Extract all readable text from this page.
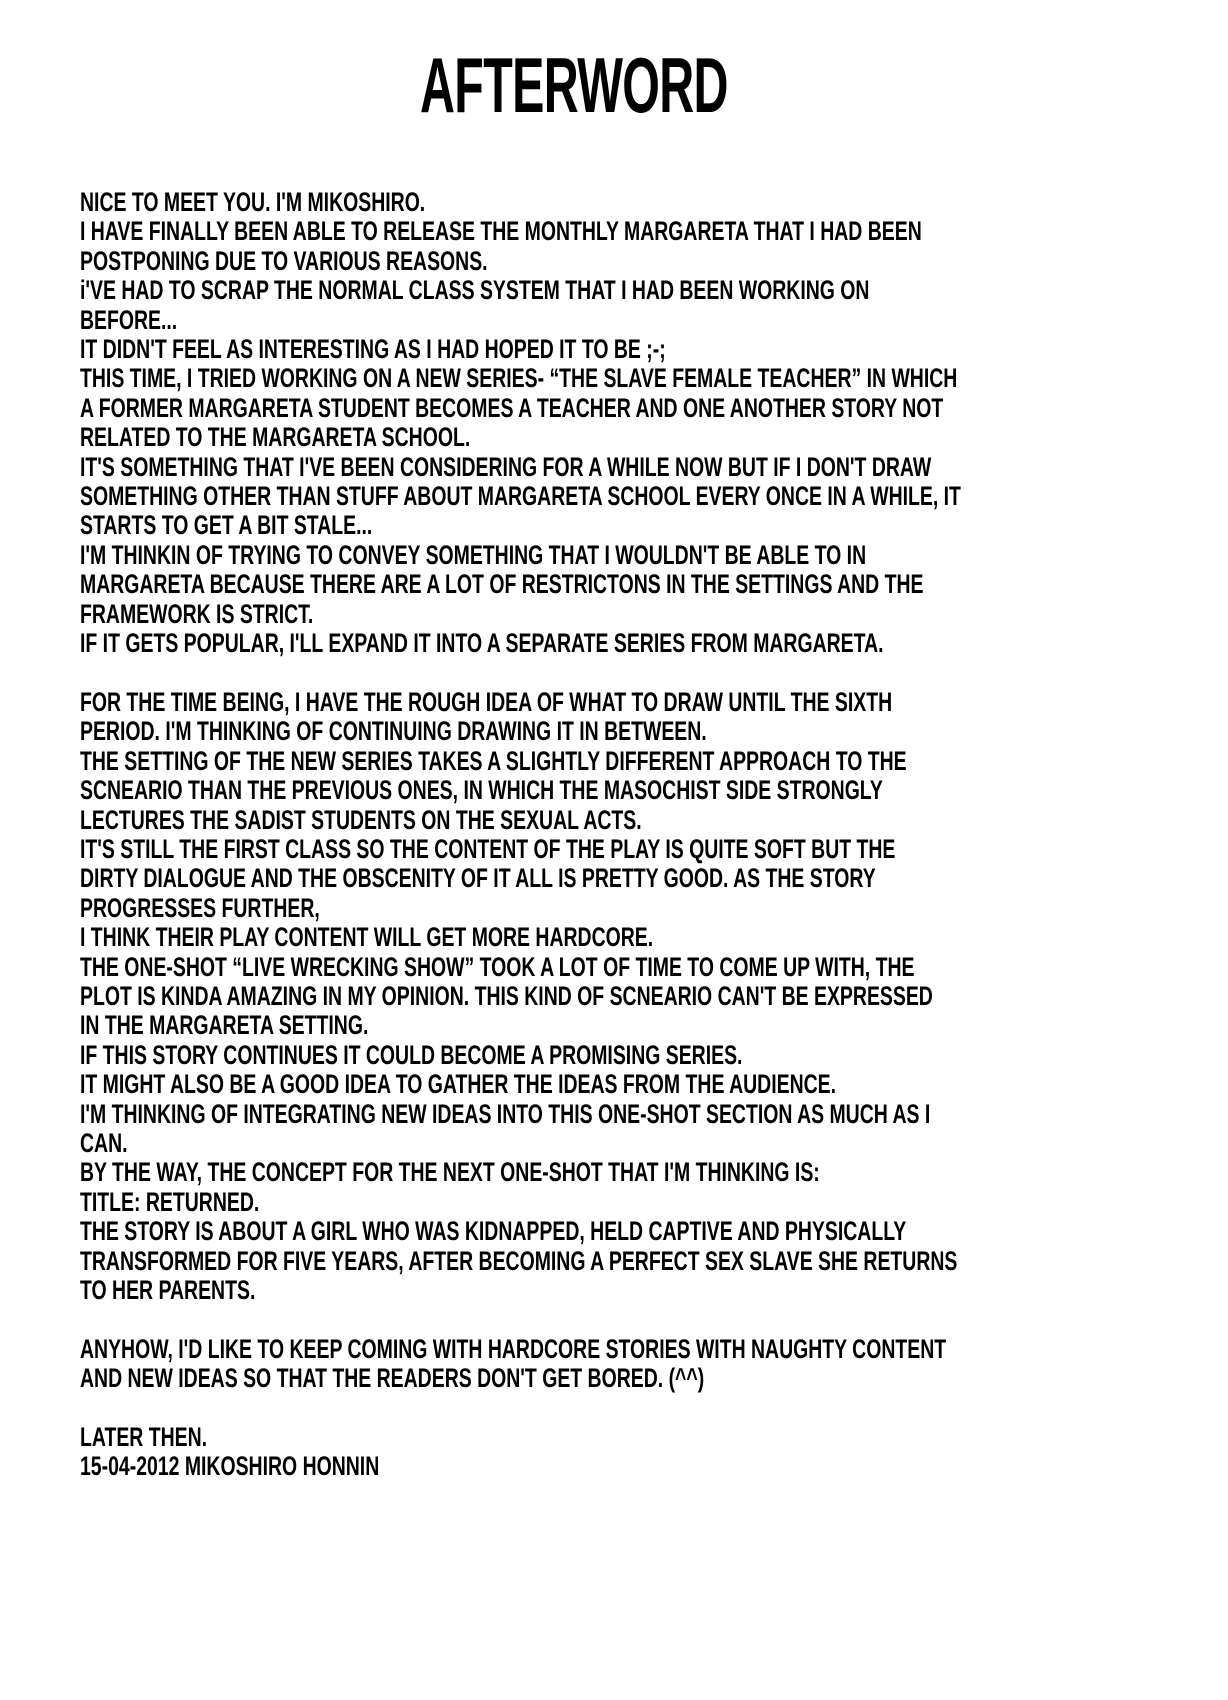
AFTERWORD
NICE TO MEET YOU. I'M MIKOSHIRO.
I HAVE FINALLY BEEN ABLE TO RELEASE THE MONTHLY MARGARETA THAT I HAD BEEN
POSTPONING DUE TO VARIOUS REASONS.
i'VE HAD TO SCRAP THE NORMAL CLASS SYSTEM THAT I HAD BEEN WORKING ON
BEFORE...
IT DIDN'T FEEL AS INTERESTING AS I HAD HOPED IT TO BE ;-;
THIS TIME, I TRIED WORKING ON A NEW SERIES- “THE SLAVE FEMALE TEACHER” IN WHICH
A FORMER MARGARETA STUDENT BECOMES A TEACHER AND ONE ANOTHER STORY NOT
RELATED TO THE MARGARETA SCHOOL.
IT'S SOMETHING THAT I'VE BEEN CONSIDERING FOR A WHILE NOW BUT IF I DON'T DRAW
SOMETHING OTHER THAN STUFF ABOUT MARGARETA SCHOOL EVERY ONCE IN A WHILE, IT
STARTS TO GET A BIT STALE...
I'M THINKIN OF TRYING TO CONVEY SOMETHING THAT I WOULDN'T BE ABLE TO IN
MARGARETA BECAUSE THERE ARE A LOT OF RESTRICTONS IN THE SETTINGS AND THE
FRAMEWORK IS STRICT.
IF IT GETS POPULAR, I'LL EXPAND IT INTO A SEPARATE SERIES FROM MARGARETA.

FOR THE TIME BEING, I HAVE THE ROUGH IDEA OF WHAT TO DRAW UNTIL THE SIXTH
PERIOD. I'M THINKING OF CONTINUING DRAWING IT IN BETWEEN.
THE SETTING OF THE NEW SERIES TAKES A SLIGHTLY DIFFERENT APPROACH TO THE
SCNEARIO THAN THE PREVIOUS ONES, IN WHICH THE MASOCHIST SIDE STRONGLY
LECTURES THE SADIST STUDENTS ON THE SEXUAL ACTS.
IT'S STILL THE FIRST CLASS SO THE CONTENT OF THE PLAY IS QUITE SOFT BUT THE
DIRTY DIALOGUE AND THE OBSCENITY OF IT ALL IS PRETTY GOOD. AS THE STORY
PROGRESSES FURTHER,
I THINK THEIR PLAY CONTENT WILL GET MORE HARDCORE.
THE ONE-SHOT “LIVE WRECKING SHOW” TOOK A LOT OF TIME TO COME UP WITH, THE
PLOT IS KINDA AMAZING IN MY OPINION. THIS KIND OF SCNEARIO CAN'T BE EXPRESSED
IN THE MARGARETA SETTING.
IF THIS STORY CONTINUES IT COULD BECOME A PROMISING SERIES.
IT MIGHT ALSO BE A GOOD IDEA TO GATHER THE IDEAS FROM THE AUDIENCE.
I'M THINKING OF INTEGRATING NEW IDEAS INTO THIS ONE-SHOT SECTION AS MUCH AS I
CAN.
BY THE WAY, THE CONCEPT FOR THE NEXT ONE-SHOT THAT I'M THINKING IS:
TITLE: RETURNED.
THE STORY IS ABOUT A GIRL WHO WAS KIDNAPPED, HELD CAPTIVE AND PHYSICALLY
TRANSFORMED FOR FIVE YEARS, AFTER BECOMING A PERFECT SEX SLAVE SHE RETURNS
TO HER PARENTS.

ANYHOW, I'D LIKE TO KEEP COMING WITH HARDCORE STORIES WITH NAUGHTY CONTENT
AND NEW IDEAS SO THAT THE READERS DON'T GET BORED. (^^)

LATER THEN.
15-04-2012 MIKOSHIRO HONNIN
